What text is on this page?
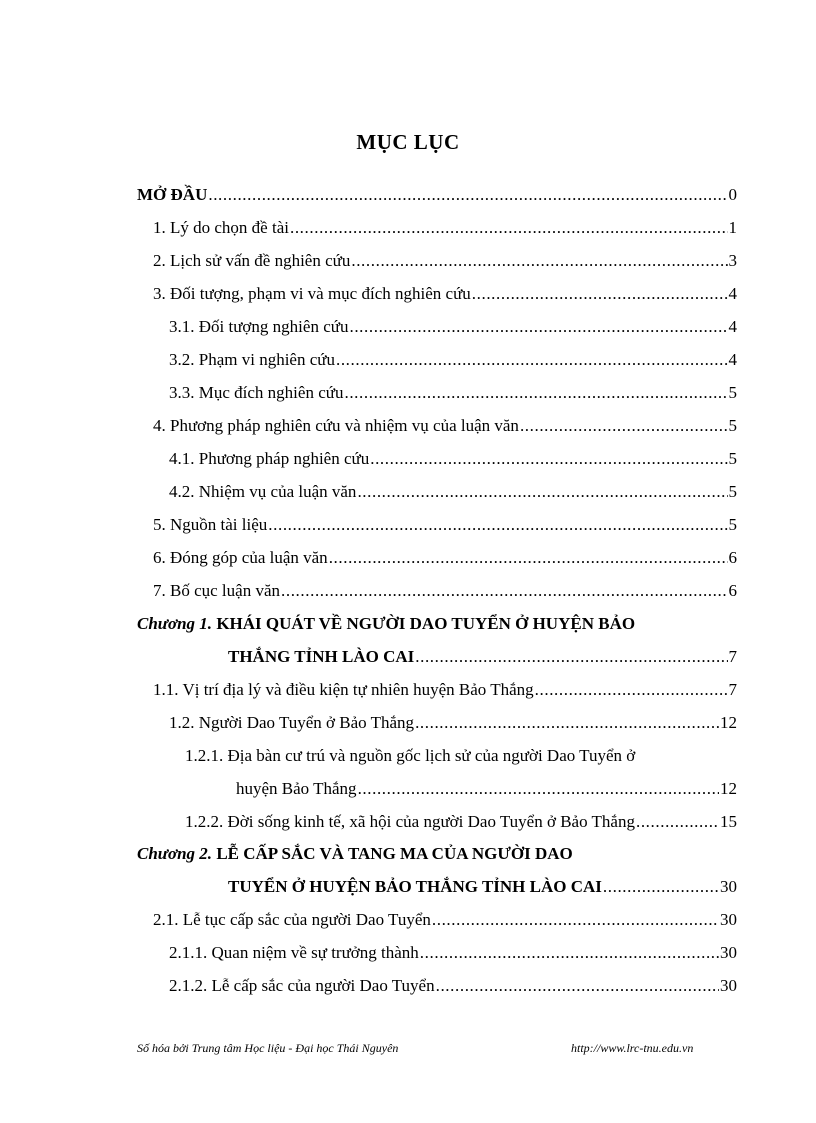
MỤC LỤC
MỞ ĐẦU .....	0
1. Lý do chọn đề tài .....	1
2. Lịch sử vấn đề nghiên cứu .....	3
3. Đối tượng, phạm vi và mục đích nghiên cứu .....	4
3.1. Đối tượng nghiên cứu .....	4
3.2. Phạm vi nghiên cứu .....	4
3.3. Mục đích nghiên cứu .....	5
4. Phương pháp nghiên cứu và nhiệm vụ của luận văn .....	5
4.1. Phương pháp nghiên cứu .....	5
4.2. Nhiệm vụ của luận văn .....	5
5. Nguồn tài liệu .....	5
6. Đóng góp của luận văn .....	6
7. Bố cục luận văn .....	6
Chương 1. KHÁI QUÁT VỀ NGƯỜI DAO TUYỂN Ở HUYỆN BẢO
THẮNG TỈNH LÀO CAI .....	7
1.1. Vị trí địa lý và điều kiện tự nhiên huyện Bảo Thắng .....	7
1.2. Người Dao Tuyển ở Bảo Thắng .....	12
1.2.1. Địa bàn cư trú và nguồn gốc lịch sử của người Dao Tuyển ở
huyện Bảo Thắng .....	12
1.2.2. Đời sống kinh tế, xã hội của người Dao Tuyển ở Bảo Thắng .....	15
Chương 2. LỄ CẤP SẮC VÀ TANG MA CỦA NGƯỜI DAO
TUYỂN Ở HUYỆN BẢO THẮNG TỈNH LÀO CAI .....	30
2.1. Lễ tục cấp sắc của người Dao Tuyển .....	30
2.1.1. Quan niệm về sự trưởng thành .....	30
2.1.2. Lễ cấp sắc của người Dao Tuyển .....	30
Số hóa bởi Trung tâm Học liệu - Đại học Thái Nguyên	http://www.lrc-tnu.edu.vn
